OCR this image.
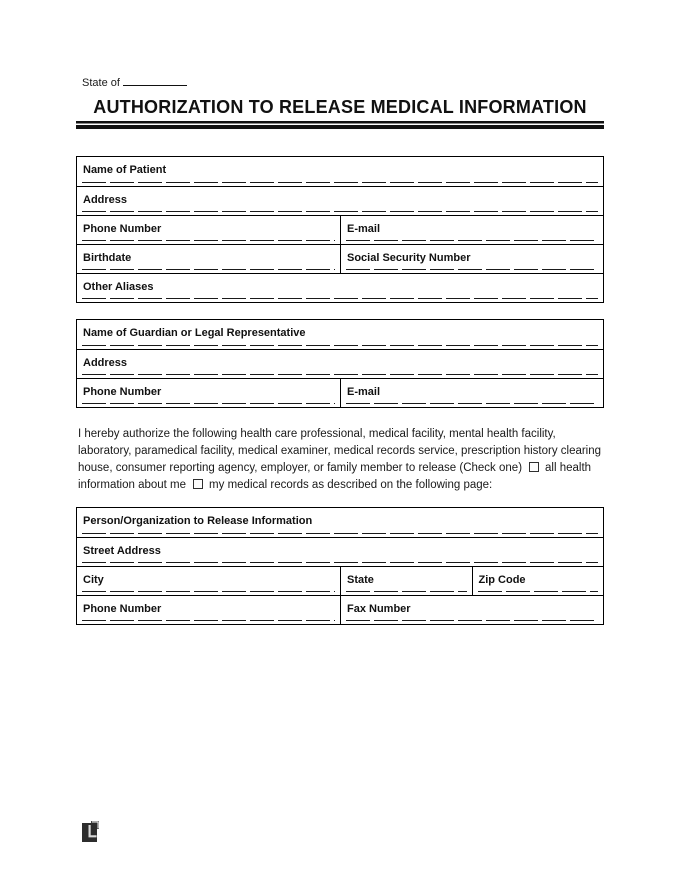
State of
AUTHORIZATION TO RELEASE MEDICAL INFORMATION
Name of Patient
Address
Phone Number	E-mail
Birthdate	Social Security Number
Other Aliases
Name of Guardian or Legal Representative
Address
Phone Number	E-mail

I hereby authorize the following health care professional, medical facility, mental health facility, laboratory, paramedical facility, medical examiner, medical records service, prescription history clearing house, consumer reporting agency, employer, or family member to release (Check one) all health information about me my medical records as described on the following page:

Person/Organization to Release Information
Street Address
City	State	Zip Code
Phone Number	Fax Number
